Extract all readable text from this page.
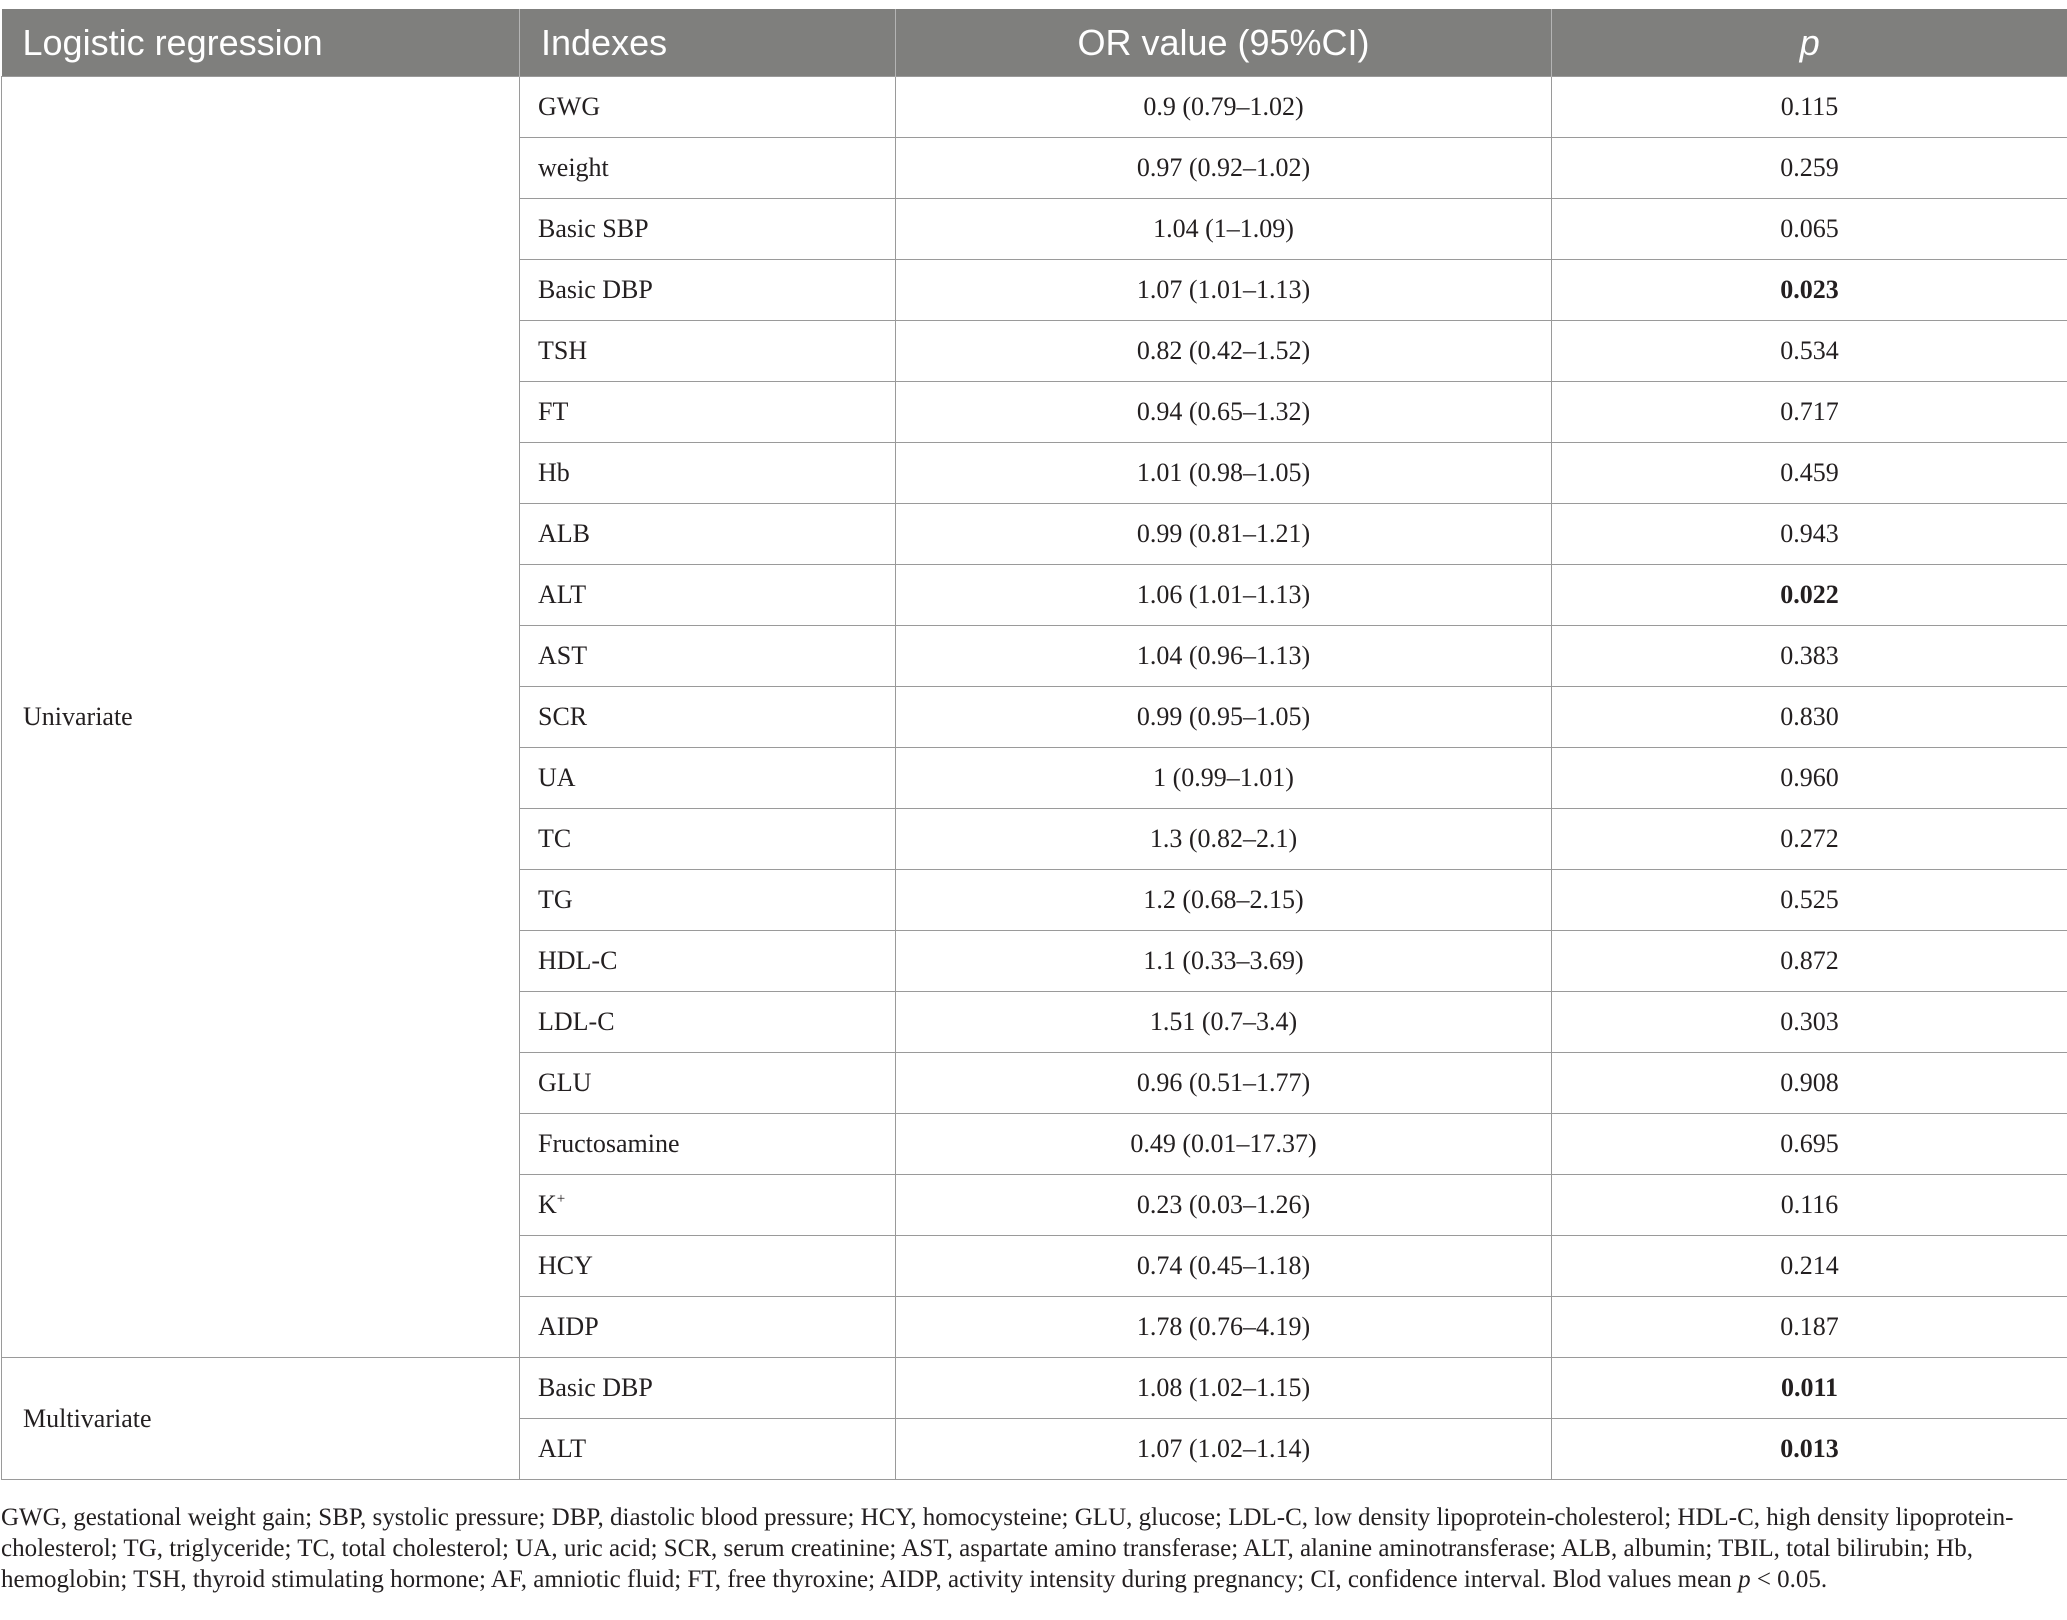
Logistic regression	Indexes	OR value (95%CI)	p
Univariate	GWG	0.9 (0.79–1.02)	0.115
	weight	0.97 (0.92–1.02)	0.259
	Basic SBP	1.04 (1–1.09)	0.065
	Basic DBP	1.07 (1.01–1.13)	0.023
	TSH	0.82 (0.42–1.52)	0.534
	FT	0.94 (0.65–1.32)	0.717
	Hb	1.01 (0.98–1.05)	0.459
	ALB	0.99 (0.81–1.21)	0.943
	ALT	1.06 (1.01–1.13)	0.022
	AST	1.04 (0.96–1.13)	0.383
	SCR	0.99 (0.95–1.05)	0.830
	UA	1 (0.99–1.01)	0.960
	TC	1.3 (0.82–2.1)	0.272
	TG	1.2 (0.68–2.15)	0.525
	HDL-C	1.1 (0.33–3.69)	0.872
	LDL-C	1.51 (0.7–3.4)	0.303
	GLU	0.96 (0.51–1.77)	0.908
	Fructosamine	0.49 (0.01–17.37)	0.695
	K+	0.23 (0.03–1.26)	0.116
	HCY	0.74 (0.45–1.18)	0.214
	AIDP	1.78 (0.76–4.19)	0.187
Multivariate	Basic DBP	1.08 (1.02–1.15)	0.011
	ALT	1.07 (1.02–1.14)	0.013

GWG, gestational weight gain; SBP, systolic pressure; DBP, diastolic blood pressure; HCY, homocysteine; GLU, glucose; LDL-C, low density lipoprotein-cholesterol; HDL-C, high density lipoprotein-cholesterol; TG, triglyceride; TC, total cholesterol; UA, uric acid; SCR, serum creatinine; AST, aspartate amino transferase; ALT, alanine aminotransferase; ALB, albumin; TBIL, total bilirubin; Hb, hemoglobin; TSH, thyroid stimulating hormone; AF, amniotic fluid; FT, free thyroxine; AIDP, activity intensity during pregnancy; CI, confidence interval. Blod values mean p < 0.05.
